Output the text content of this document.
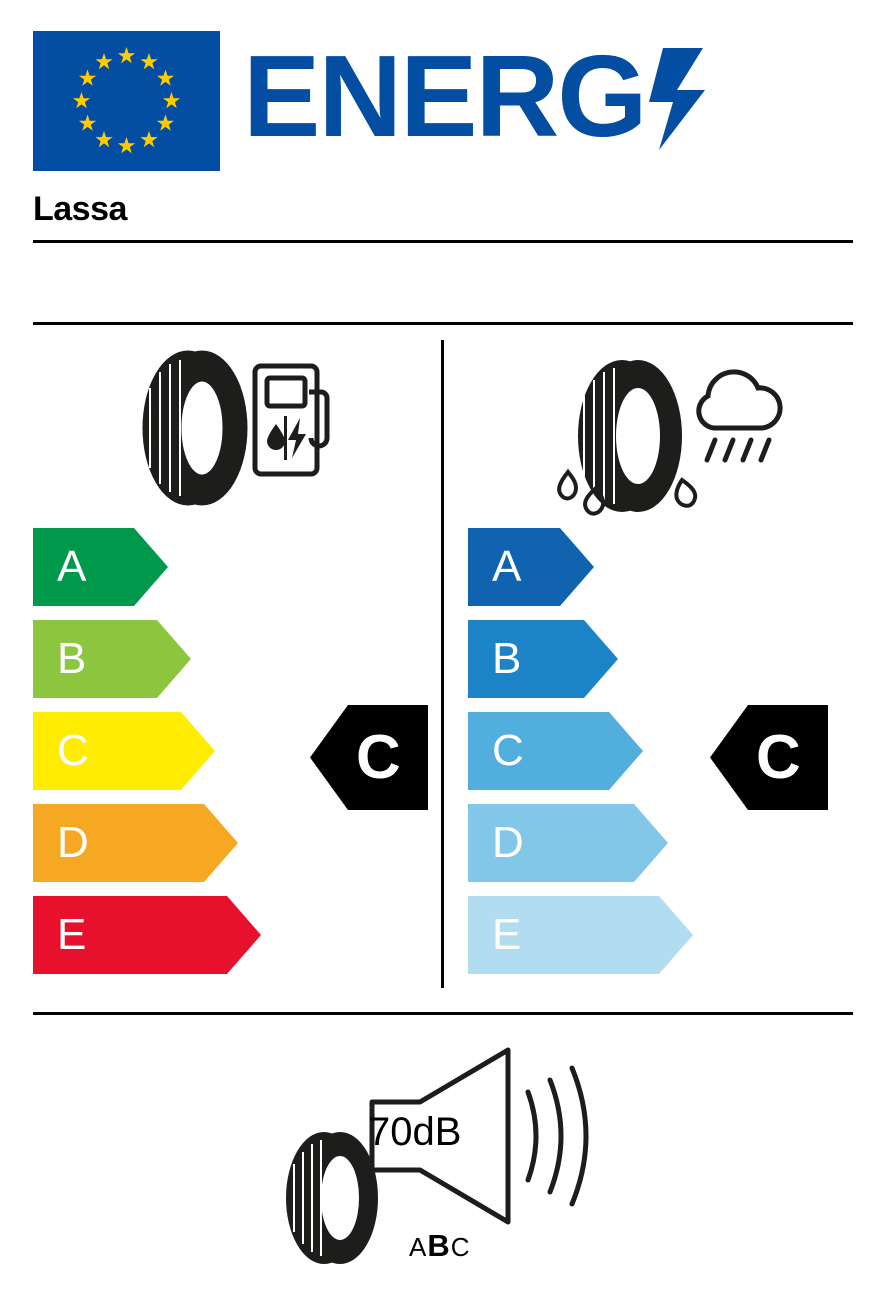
ENERG
Lassa
A
B
C
D
E
A
B
C
D
E
C	C
70dB
ABC
